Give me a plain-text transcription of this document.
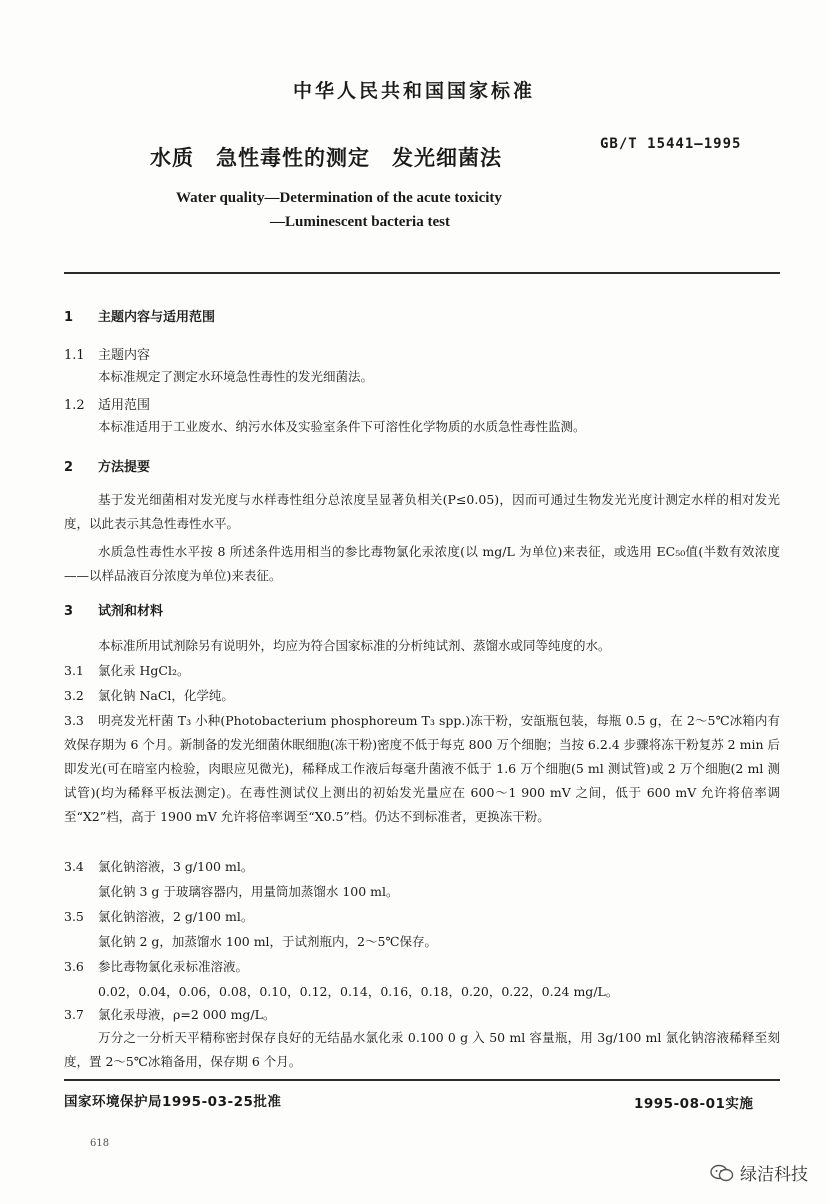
中华人民共和国国家标准
水质　急性毒性的测定　发光细菌法
GB/T 15441—1995
Water quality—Determination of the acute toxicity
—Luminescent bacteria test
1 主题内容与适用范围
1.1 主题内容
本标准规定了测定水环境急性毒性的发光细菌法。
1.2 适用范围
本标准适用于工业废水、纳污水体及实验室条件下可溶性化学物质的水质急性毒性监测。
2 方法提要
基于发光细菌相对发光度与水样毒性组分总浓度呈显著负相关(P≤0.05)，因而可通过生物发光光度计测定水样的相对发光度，以此表示其急性毒性水平。
水质急性毒性水平按 8 所述条件选用相当的参比毒物氯化汞浓度(以 mg/L 为单位)来表征，或选用 EC₅₀值(半数有效浓度——以样品液百分浓度为单位)来表征。
3 试剂和材料
本标准所用试剂除另有说明外，均应为符合国家标准的分析纯试剂、蒸馏水或同等纯度的水。
3.1 氯化汞 HgCl₂。
3.2 氯化钠 NaCl，化学纯。
3.3 明亮发光杆菌 T₃ 小种(Photobacterium phosphoreum T₃ spp.)冻干粉，安瓿瓶包装，每瓶 0.5 g，在 2～5℃冰箱内有效保存期为 6 个月。新制备的发光细菌休眠细胞(冻干粉)密度不低于每克 800 万个细胞；当按 6.2.4 步骤将冻干粉复苏 2 min 后即发光(可在暗室内检验，肉眼应见微光)，稀释成工作液后每毫升菌液不低于 1.6 万个细胞(5 ml 测试管)或 2 万个细胞(2 ml 测试管)(均为稀释平板法测定)。在毒性测试仪上测出的初始发光量应在 600～1 900 mV 之间，低于 600 mV 允许将倍率调至“X2”档，高于 1900 mV 允许将倍率调至“X0.5”档。仍达不到标准者，更换冻干粉。
3.4 氯化钠溶液，3 g/100 ml。
氯化钠 3 g 于玻璃容器内，用量筒加蒸馏水 100 ml。
3.5 氯化钠溶液，2 g/100 ml。
氯化钠 2 g，加蒸馏水 100 ml，于试剂瓶内，2～5℃保存。
3.6 参比毒物氯化汞标准溶液。
0.02，0.04，0.06，0.08，0.10，0.12，0.14，0.16，0.18，0.20，0.22，0.24 mg/L。
3.7 氯化汞母液，ρ=2 000 mg/L。
万分之一分析天平精称密封保存良好的无结晶水氯化汞 0.100 0 g 入 50 ml 容量瓶，用 3g/100 ml 氯化钠溶液稀释至刻度，置 2～5℃冰箱备用，保存期 6 个月。
国家环境保护局1995-03-25批准	1995-08-01实施
618
绿洁科技
